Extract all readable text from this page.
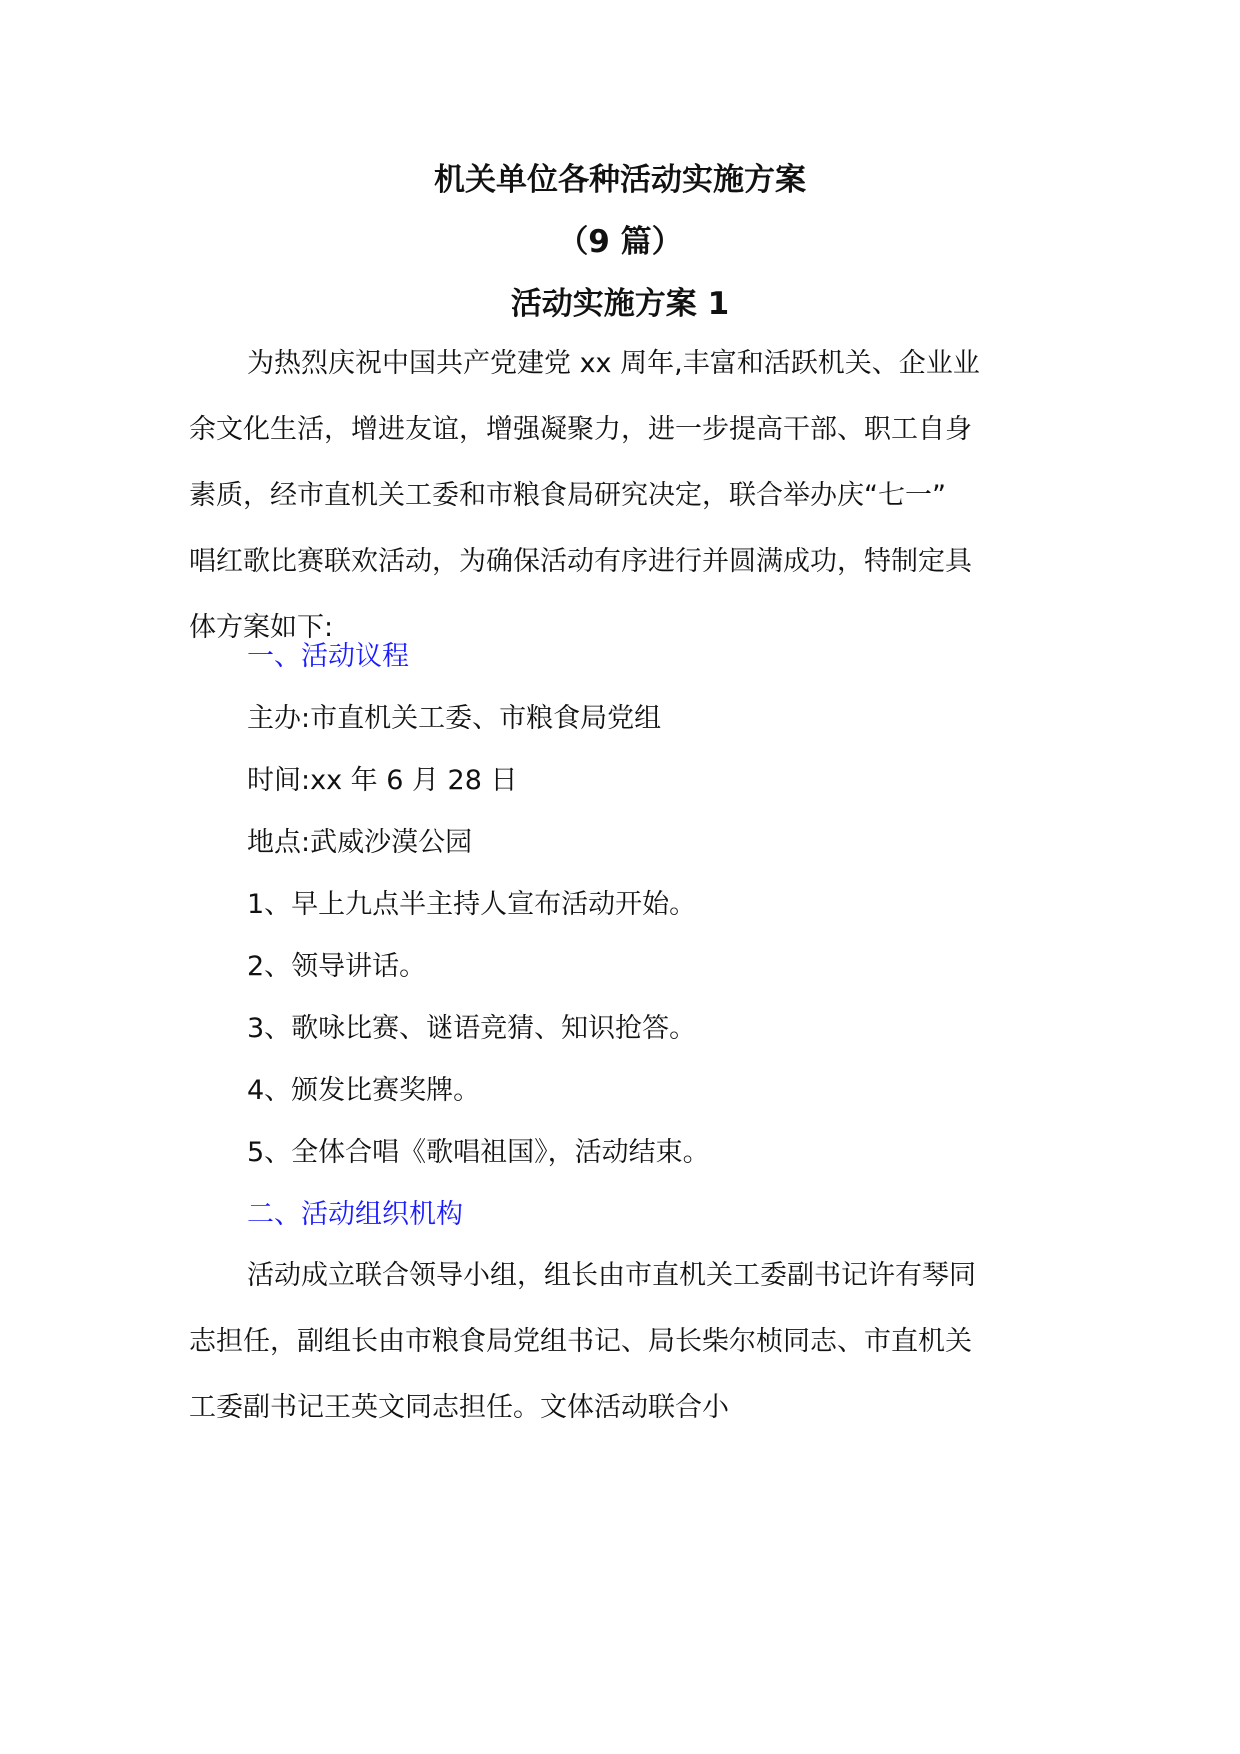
机关单位各种活动实施方案
（9 篇）
活动实施方案 1
为热烈庆祝中国共产党建党 xx 周年,丰富和活跃机关、企业业
余文化生活，增进友谊，增强凝聚力，进一步提高干部、职工自身
素质，经市直机关工委和市粮食局研究决定，联合举办庆“七一”
唱红歌比赛联欢活动，为确保活动有序进行并圆满成功，特制定具
体方案如下:
一、活动议程
主办:市直机关工委、市粮食局党组
时间:xx 年 6 月 28 日
地点:武威沙漠公园
1、早上九点半主持人宣布活动开始。
2、领导讲话。
3、歌咏比赛、谜语竞猜、知识抢答。
4、颁发比赛奖牌。
5、全体合唱《歌唱祖国》，活动结束。
二、活动组织机构
活动成立联合领导小组，组长由市直机关工委副书记许有琴同
志担任，副组长由市粮食局党组书记、局长柴尔桢同志、市直机关
工委副书记王英文同志担任。文体活动联合小
